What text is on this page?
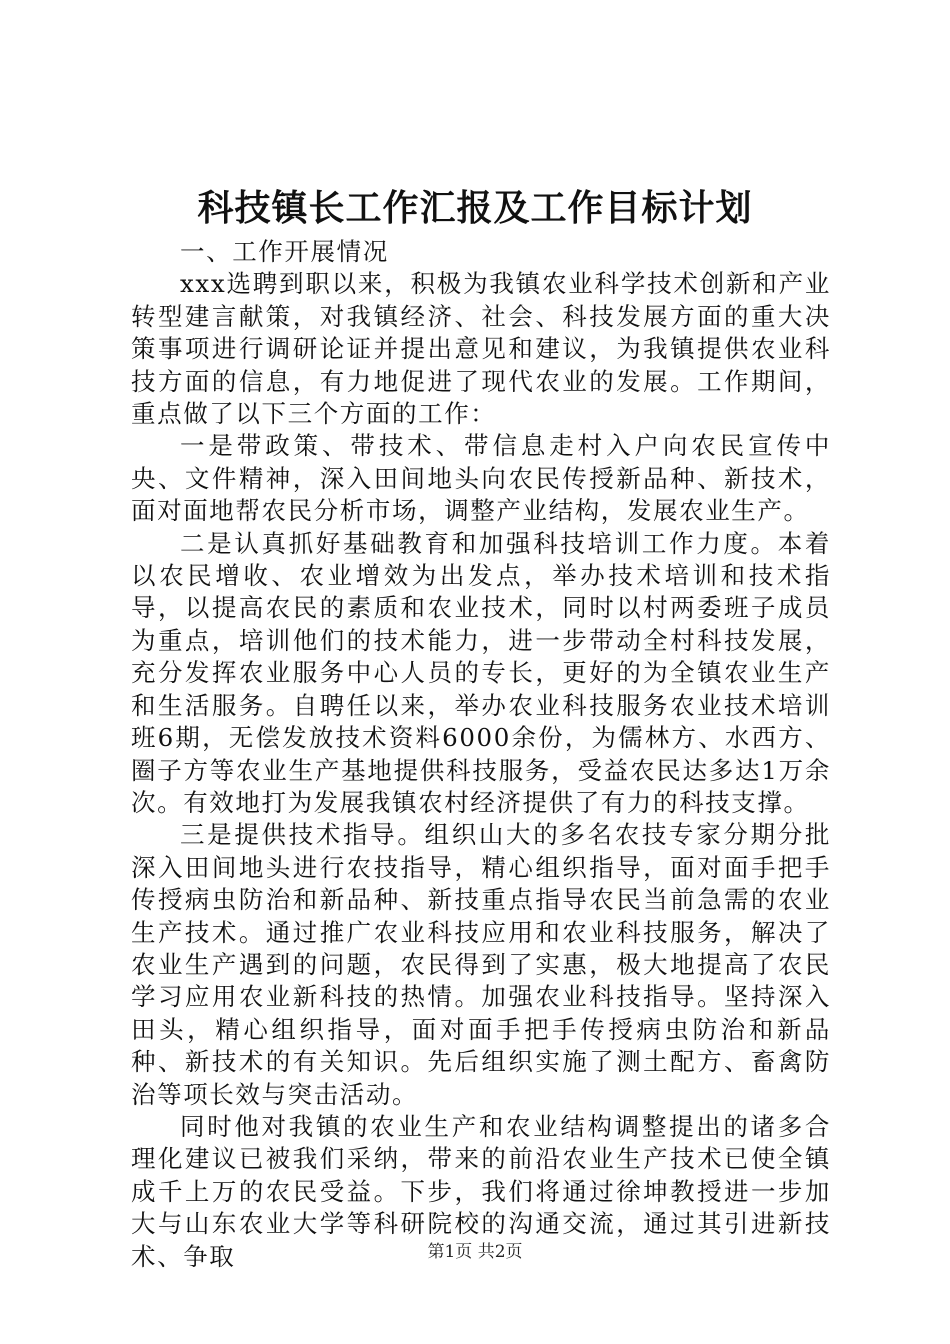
科技镇长工作汇报及工作目标计划

一、工作开展情况

xxx选聘到职以来，积极为我镇农业科学技术创新和产业转型建言献策，对我镇经济、社会、科技发展方面的重大决策事项进行调研论证并提出意见和建议，为我镇提供农业科技方面的信息，有力地促进了现代农业的发展。工作期间，重点做了以下三个方面的工作：

一是带政策、带技术、带信息走村入户向农民宣传中央、文件精神，深入田间地头向农民传授新品种、新技术，面对面地帮农民分析市场，调整产业结构，发展农业生产。

二是认真抓好基础教育和加强科技培训工作力度。本着以农民增收、农业增效为出发点，举办技术培训和技术指导，以提高农民的素质和农业技术，同时以村两委班子成员为重点，培训他们的技术能力，进一步带动全村科技发展，充分发挥农业服务中心人员的专长，更好的为全镇农业生产和生活服务。自聘任以来，举办农业科技服务农业技术培训班6期，无偿发放技术资料6000余份，为儒林方、水西方、圈子方等农业生产基地提供科技服务，受益农民达多达1万余次。有效地打为发展我镇农村经济提供了有力的科技支撑。

三是提供技术指导。组织山大的多名农技专家分期分批深入田间地头进行农技指导，精心组织指导，面对面手把手传授病虫防治和新品种、新技重点指导农民当前急需的农业生产技术。通过推广农业科技应用和农业科技服务，解决了农业生产遇到的问题，农民得到了实惠，极大地提高了农民学习应用农业新科技的热情。加强农业科技指导。坚持深入田头，精心组织指导，面对面手把手传授病虫防治和新品种、新技术的有关知识。先后组织实施了测土配方、畜禽防治等项长效与突击活动。

同时他对我镇的农业生产和农业结构调整提出的诸多合理化建议已被我们采纳，带来的前沿农业生产技术已使全镇成千上万的农民受益。下步，我们将通过徐坤教授进一步加大与山东农业大学等科研院校的沟通交流，通过其引进新技术、争取	第1页 共2页
